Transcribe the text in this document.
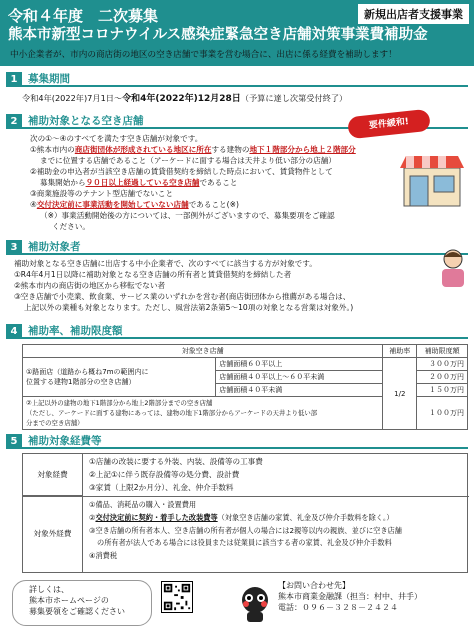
令和４年度　二次募集
熊本市新型コロナウイルス感染症緊急空き店舗対策事業費補助金
新規出店者支援事業
中小企業者が、市内の商店街の地区の空き店舗で事業を営む場合に、出店に係る経費を補助します！
1	募集期間
令和4年(2022年)7月1日～令和4年(2022年)12月28日（予算に達し次第受付終了）
2	補助対象となる空き店舗	要件緩和!
次の①～④のすべてを満たす空き店舗が対象です。
①熊本市内の商店街団体が形成されている地区に所在する建物の地下１階部分から地上２階部分
までに位置する店舗であること（アーケードに面する場合は天井より低い部分の店舗）
②補助金の申込者が当該空き店舗の賃貸借契約を締結した時点において、賃貸物件として
募集開始から９０日以上経過している空き店舗であること
③商業施設等のテナント型店舗でないこと
④交付決定前に事業活動を開始していない店舗であること(※)
（※）事業活動開始後の方については、一部例外がございますので、募集要項をご確認
ください。
3	補助対象者
補助対象となる空き店舗に出店する中小企業者で、次のすべてに該当する方が対象です。
①R4年4月1日以降に補助対象となる空き店舗の所有者と賃貸借契約を締結した者
②熊本市内の商店街の地区から移転でない者
③空き店舗で小売業、飲食業、サービス業のいずれかを営む者(商店街団体から推薦がある場合は、
上記以外の業種も対象となります。ただし、風営法第2条第5～10項の対象となる営業は対象外。)
4	補助率、補助限度額
対象空き店舗		補助率	補助限度額

①路面店（道路から概ね7mの範囲内に
位置する建物1階部分の空き店舗）	店舗面積６０平以上	1/2	３００万円
	店舗面積４０平以上～６０平未満		２００万円
	店舗面積４０平未満		１５０万円

②上記以外の建物の地下1階部分から地上2階部分までの空き店舗
（ただし、アーケードに面する建物にあっては、建物の地下1階部分からアーケードの天井より低い部
分までの空き店舗）			１００万円
5	補助対象経費等
対象経費
①店舗の改装に要する外装、内装、設備等の工事費
②上記①に伴う既存設備等の処分費、設計費
③家賃（上限2か月分）、礼金、仲介手数料
対象外経費
①備品、消耗品の購入・設置費用
②交付決定前に契約・着手した改装費等（対象空き店舗の家賃、礼金及び仲介手数料を除く。）
③空き店舗の所有者本人、空き店舗の所有者が個人の場合には2親等以内の親族、並びに空き店舗
の所有者が法人である場合には役員または従業員に該当する者の家賃、礼金及び仲介手数料
④消費税
詳しくは、
熊本市ホームページの
募集要領をご確認ください
【お問い合わせ先】
熊本市商業金融課（担当：村中、井手）
電話：０９６－３２８－２４２４
